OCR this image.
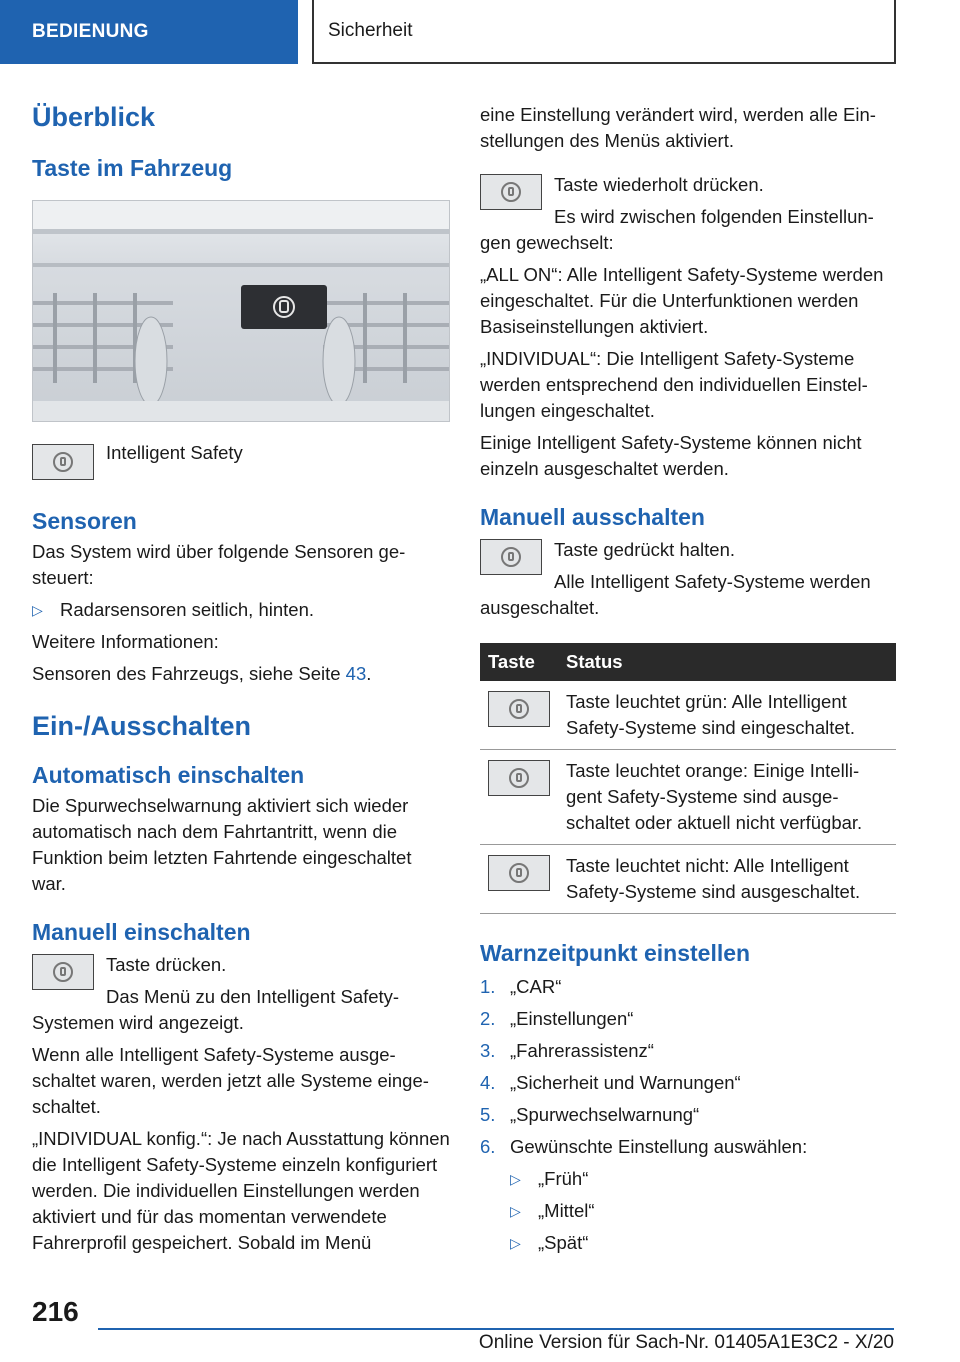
BEDIENUNG	Sicherheit
Überblick
Taste im Fahrzeug

Intelligent Safety

Sensoren

Das System wird über folgende Sensoren gesteuert:

▷ Radarsensoren seitlich, hinten.

Weitere Informationen:

Sensoren des Fahrzeugs, siehe Seite 43.

Ein-/Ausschalten
Automatisch einschalten

Die Spurwechselwarnung aktiviert sich wieder automatisch nach dem Fahrtantritt, wenn die Funktion beim letzten Fahrtende eingeschaltet war.

Manuell einschalten

Taste drücken.

Das Menü zu den Intelligent Safety-Systemen wird angezeigt.

Wenn alle Intelligent Safety-Systeme ausgeschaltet waren, werden jetzt alle Systeme eingeschaltet.

„INDIVIDUAL konfig.“: Je nach Ausstattung können die Intelligent Safety-Systeme einzeln konfiguriert werden. Die individuellen Einstellungen werden aktiviert und für das momentan verwendete Fahrerprofil gespeichert. Sobald im Menü

eine Einstellung verändert wird, werden alle Einstellungen des Menüs aktiviert.

Taste wiederholt drücken.

Es wird zwischen folgenden Einstellungen gewechselt:

„ALL ON“: Alle Intelligent Safety-Systeme werden eingeschaltet. Für die Unterfunktionen werden Basiseinstellungen aktiviert.

„INDIVIDUAL“: Die Intelligent Safety-Systeme werden entsprechend den individuellen Einstellungen eingeschaltet.

Einige Intelligent Safety-Systeme können nicht einzeln ausgeschaltet werden.

Manuell ausschalten

Taste gedrückt halten.

Alle Intelligent Safety-Systeme werden ausgeschaltet.

Taste	Status

	Taste leuchtet grün: Alle Intelligent Safety-Systeme sind eingeschaltet.

	Taste leuchtet orange: Einige Intelligent Safety-Systeme sind ausgeschaltet oder aktuell nicht verfügbar.

	Taste leuchtet nicht: Alle Intelligent Safety-Systeme sind ausgeschaltet.
Warnzeitpunkt einstellen
1. „CAR“
2. „Einstellungen“
3. „Fahrerassistenz“
4. „Sicherheit und Warnungen“
5. „Spurwechselwarnung“
6. Gewünschte Einstellung auswählen:
▷ „Früh“
▷ „Mittel“
▷ „Spät“
216
Online Version für Sach-Nr. 01405A1E3C2 - X/20
